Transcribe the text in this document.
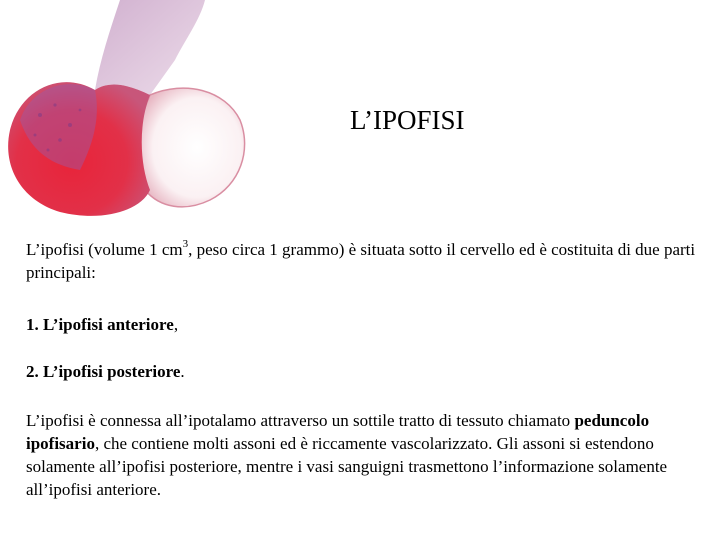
L’IPOFISI

L’ipofisi (volume 1 $cm^3$, peso circa 1 grammo) è situata sotto il cervello ed è costituita di due parti principali:

1. L’ipofisi anteriore,

2. L’ipofisi posteriore.

L’ipofisi è connessa all’ipotalamo attraverso un sottile tratto di tessuto chiamato peduncolo ipofisario, che contiene molti assoni ed è riccamente vascolarizzato. Gli assoni si estendono solamente all’ipofisi posteriore, mentre i vasi sanguigni trasmettono l’informazione solamente all’ipofisi anteriore.
